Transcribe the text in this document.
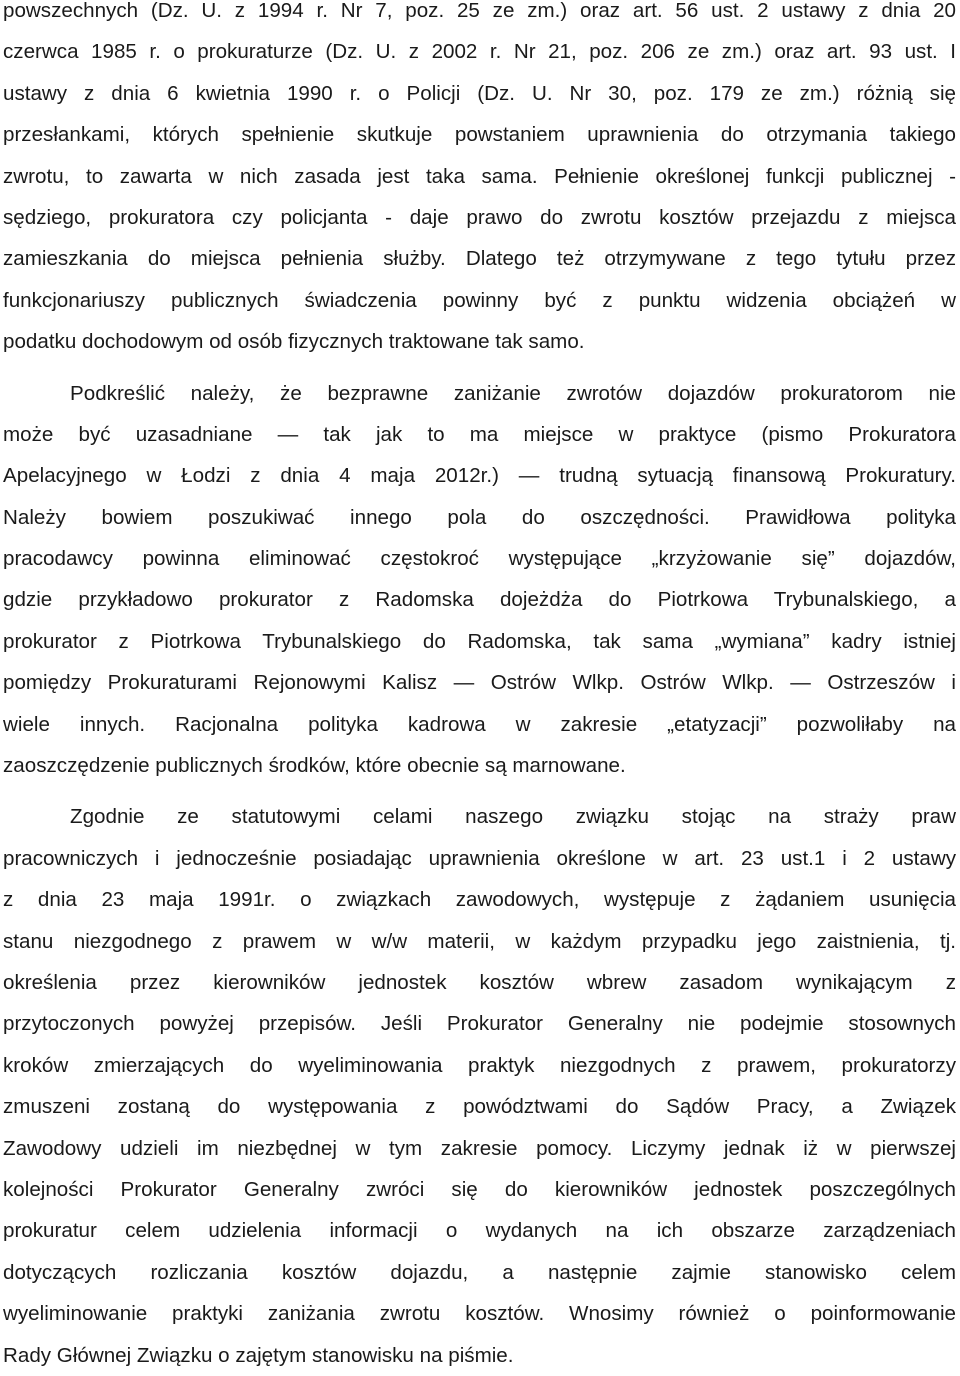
powszechnych (Dz. U. z 1994 r. Nr 7, poz. 25 ze zm.) oraz art. 56 ust. 2 ustawy z dnia 20
czerwca 1985 r. o prokuraturze (Dz. U. z 2002 r. Nr 21, poz. 206 ze zm.) oraz art. 93 ust. I
ustawy z dnia 6 kwietnia 1990 r. o Policji (Dz. U. Nr 30, poz. 179 ze zm.) różnią się
przesłankami, których spełnienie skutkuje powstaniem uprawnienia do otrzymania takiego
zwrotu, to zawarta w nich zasada jest taka sama. Pełnienie określonej funkcji publicznej -
sędziego, prokuratora czy policjanta - daje prawo do zwrotu kosztów przejazdu z miejsca
zamieszkania do miejsca pełnienia służby. Dlatego też otrzymywane z tego tytułu przez
funkcjonariuszy publicznych świadczenia powinny być z punktu widzenia obciążeń w
podatku dochodowym od osób fizycznych traktowane tak samo.
Podkreślić należy, że bezprawne zaniżanie zwrotów dojazdów prokuratorom nie
może być uzasadniane — tak jak to ma miejsce w praktyce (pismo Prokuratora
Apelacyjnego w Łodzi z dnia 4 maja 2012r.) — trudną sytuacją finansową Prokuratury.
Należy bowiem poszukiwać innego pola do oszczędności. Prawidłowa polityka
pracodawcy powinna eliminować częstokroć występujące „krzyżowanie się” dojazdów,
gdzie przykładowo prokurator z Radomska dojeżdża do Piotrkowa Trybunalskiego, a
prokurator z Piotrkowa Trybunalskiego do Radomska, tak sama „wymiana” kadry istniej
pomiędzy Prokuraturami Rejonowymi Kalisz — Ostrów Wlkp. Ostrów Wlkp. — Ostrzeszów i
wiele innych. Racjonalna polityka kadrowa w zakresie „etatyzacji” pozwoliłaby na
zaoszczędzenie publicznych środków, które obecnie są marnowane.
Zgodnie ze statutowymi celami naszego związku stojąc na straży praw
pracowniczych i jednocześnie posiadając uprawnienia określone w art. 23 ust.1 i 2 ustawy
z dnia 23 maja 1991r. o związkach zawodowych, występuje z żądaniem usunięcia
stanu niezgodnego z prawem w w/w materii, w każdym przypadku jego zaistnienia, tj.
określenia przez kierowników jednostek kosztów wbrew zasadom wynikającym z
przytoczonych powyżej przepisów. Jeśli Prokurator Generalny nie podejmie stosownych
kroków zmierzających do wyeliminowania praktyk niezgodnych z prawem, prokuratorzy
zmuszeni zostaną do występowania z powództwami do Sądów Pracy, a Związek
Zawodowy udzieli im niezbędnej w tym zakresie pomocy. Liczymy jednak iż w pierwszej
kolejności Prokurator Generalny zwróci się do kierowników jednostek poszczególnych
prokuratur celem udzielenia informacji o wydanych na ich obszarze zarządzeniach
dotyczących rozliczania kosztów dojazdu, a następnie zajmie stanowisko celem
wyeliminowanie praktyki zaniżania zwrotu kosztów. Wnosimy również o poinformowanie
Rady Głównej Związku o zajętym stanowisku na piśmie.
